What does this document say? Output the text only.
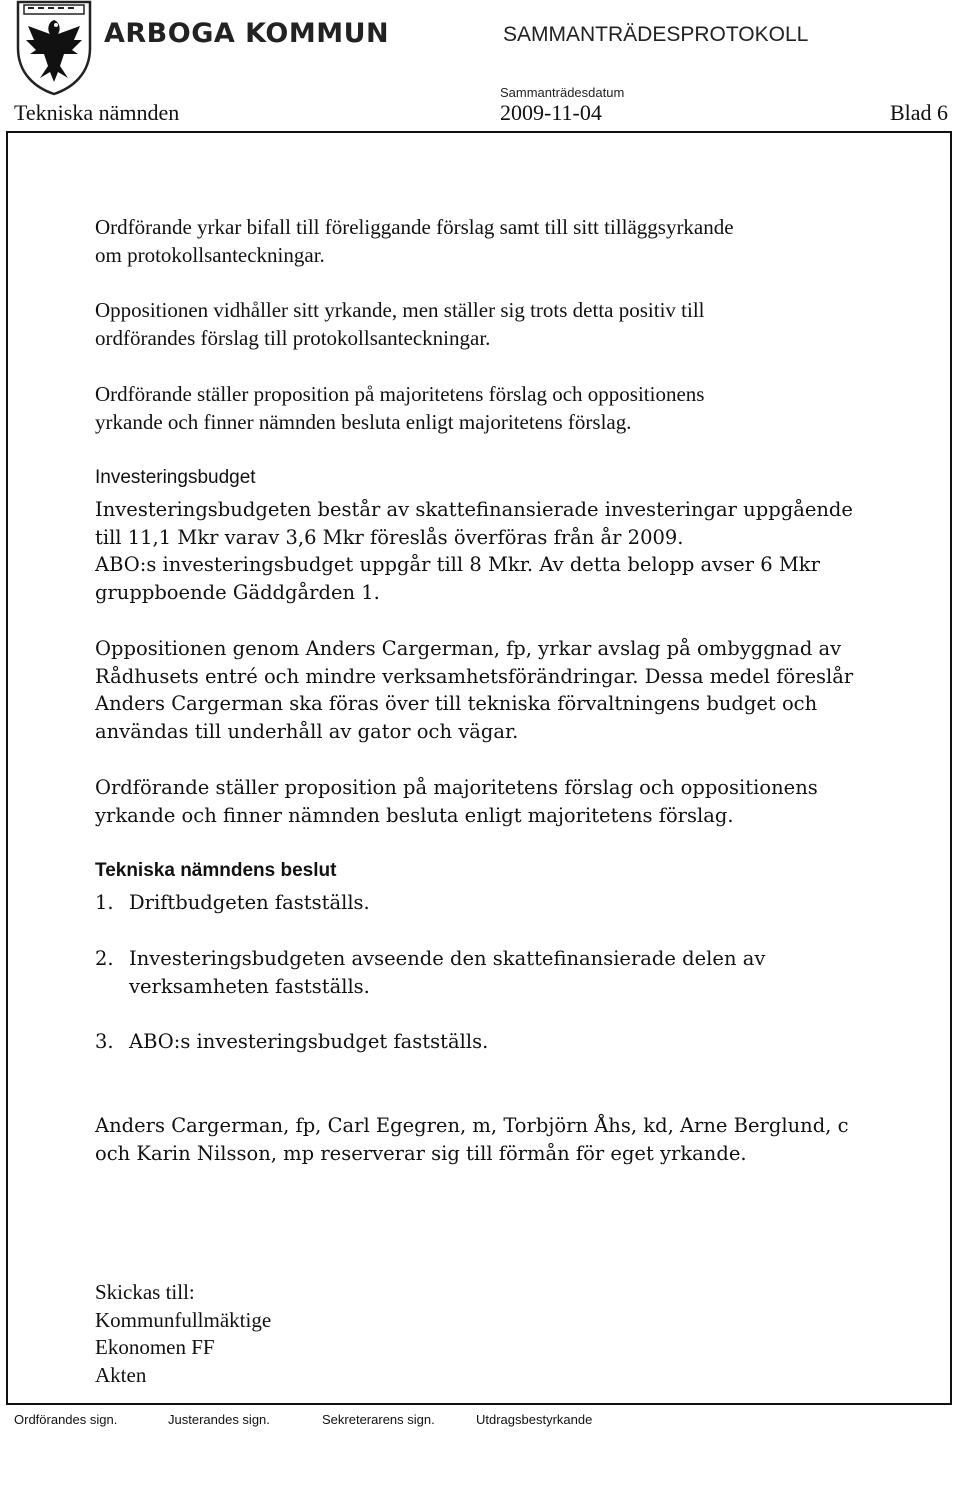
ARBOGA KOMMUN	SAMMANTRÄDESPROTOKOLL
Sammanträdesdatum
Tekniska nämnden	2009-11-04	Blad 6
Ordförande yrkar bifall till föreliggande förslag samt till sitt tilläggsyrkande
om protokollsanteckningar.
Oppositionen vidhåller sitt yrkande, men ställer sig trots detta positiv till
ordförandes förslag till protokollsanteckningar.
Ordförande ställer proposition på majoritetens förslag och oppositionens
yrkande och finner nämnden besluta enligt majoritetens förslag.
Investeringsbudget
Investeringsbudgeten består av skattefinansierade investeringar uppgående
till 11,1 Mkr varav 3,6 Mkr föreslås överföras från år 2009.
ABO:s investeringsbudget uppgår till 8 Mkr. Av detta belopp avser 6 Mkr
gruppboende Gäddgården 1.
Oppositionen genom Anders Cargerman, fp, yrkar avslag på ombyggnad av
Rådhusets entré och mindre verksamhetsförändringar. Dessa medel föreslår
Anders Cargerman ska föras över till tekniska förvaltningens budget och
användas till underhåll av gator och vägar.
Ordförande ställer proposition på majoritetens förslag och oppositionens
yrkande och finner nämnden besluta enligt majoritetens förslag.
Tekniska nämndens beslut
1. Driftbudgeten fastställs.
2. Investeringsbudgeten avseende den skattefinansierade delen av
verksamheten fastställs.
3. ABO:s investeringsbudget fastställs.
Anders Cargerman, fp, Carl Egegren, m, Torbjörn Åhs, kd, Arne Berglund, c
och Karin Nilsson, mp reserverar sig till förmån för eget yrkande.
Skickas till:
Kommunfullmäktige
Ekonomen FF
Akten
Ordförandes sign.	Justerandes sign.	Sekreterarens sign.	Utdragsbestyrkande
